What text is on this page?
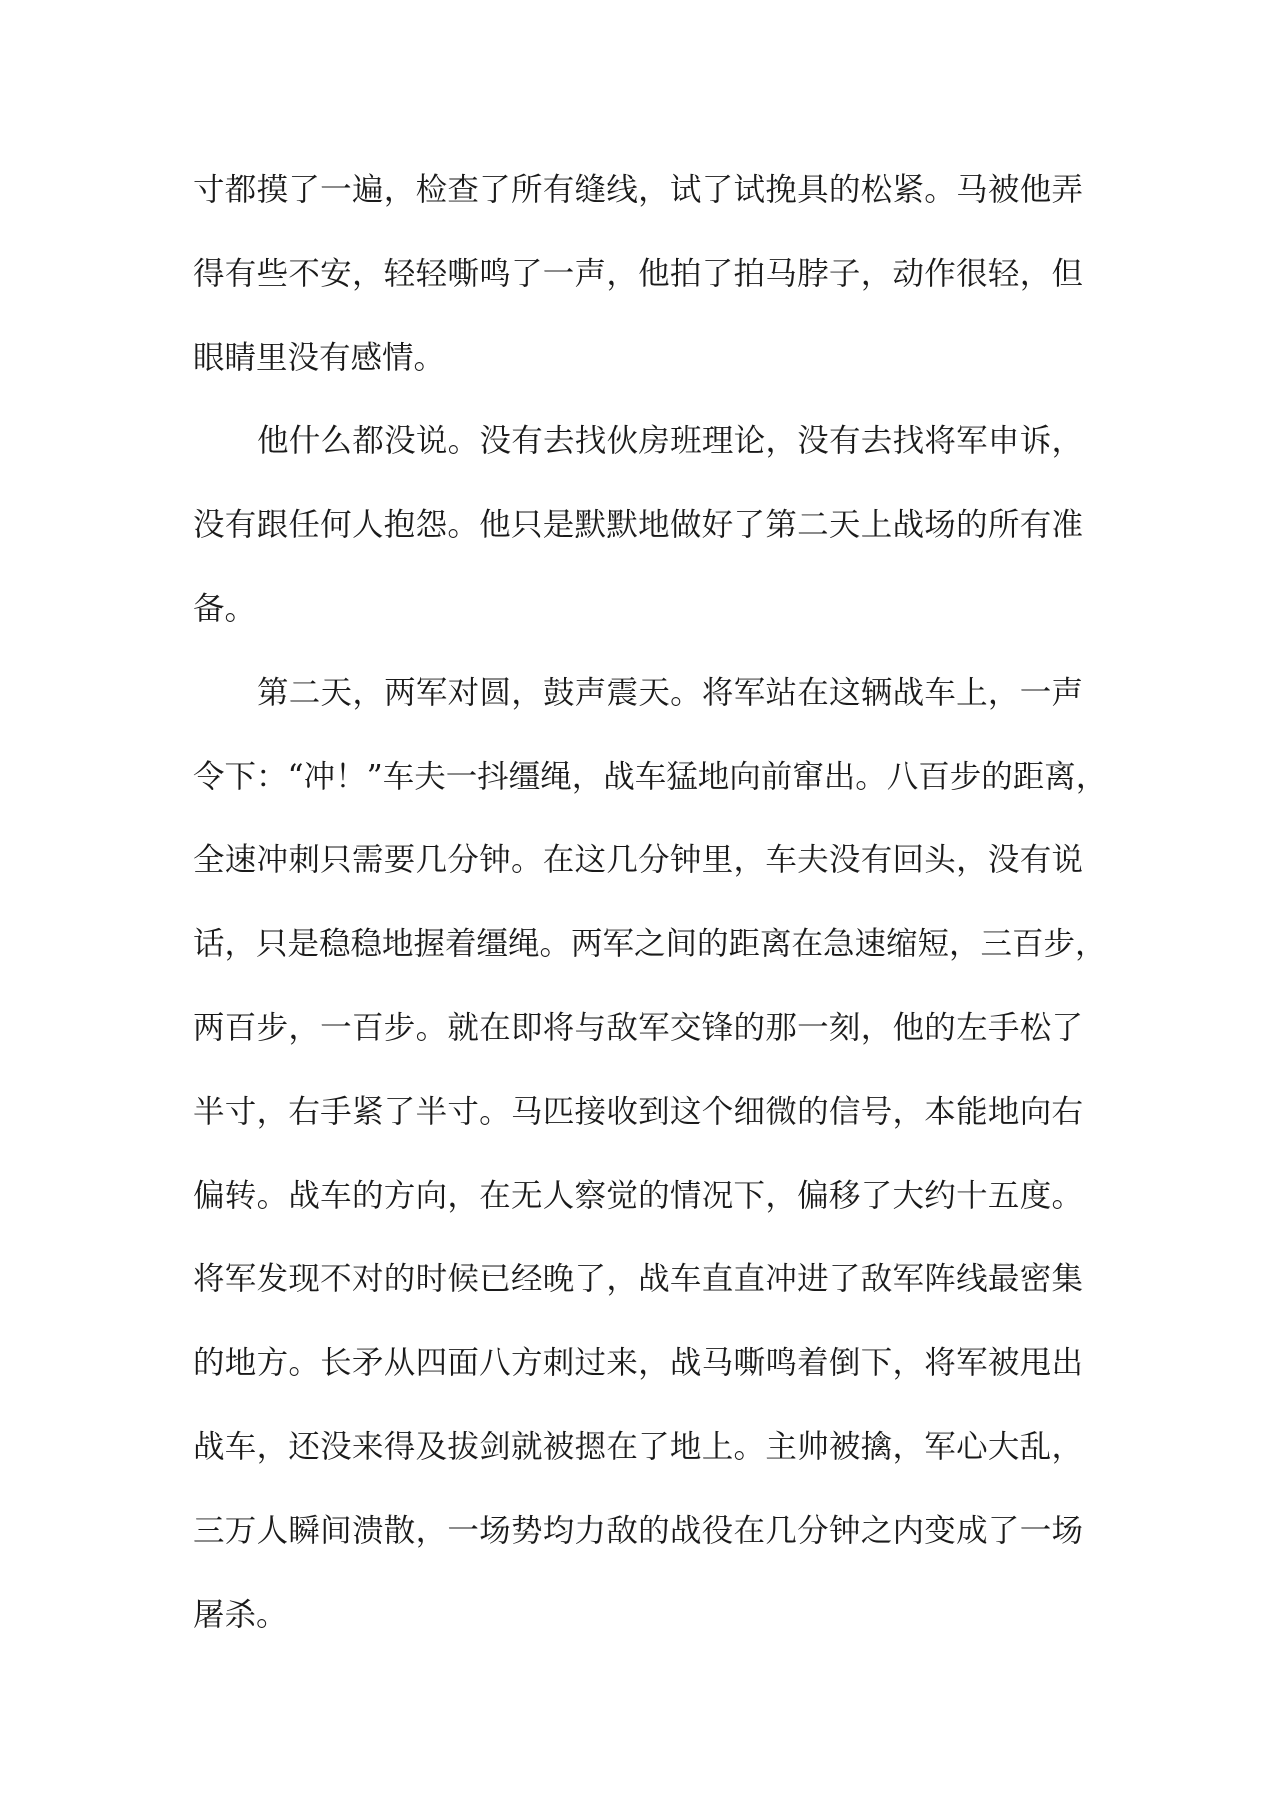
寸都摸了一遍，检查了所有缝线，试了试挽具的松紧。马被他弄
得有些不安，轻轻嘶鸣了一声，他拍了拍马脖子，动作很轻，但
眼睛里没有感情。
他什么都没说。没有去找伙房班理论，没有去找将军申诉，
没有跟任何人抱怨。他只是默默地做好了第二天上战场的所有准
备。
第二天，两军对圆，鼓声震天。将军站在这辆战车上，一声
令下：“冲！”车夫一抖缰绳，战车猛地向前窜出。八百步的距离，
全速冲刺只需要几分钟。在这几分钟里，车夫没有回头，没有说
话，只是稳稳地握着缰绳。两军之间的距离在急速缩短，三百步，
两百步，一百步。就在即将与敌军交锋的那一刻，他的左手松了
半寸，右手紧了半寸。马匹接收到这个细微的信号，本能地向右
偏转。战车的方向，在无人察觉的情况下，偏移了大约十五度。
将军发现不对的时候已经晚了，战车直直冲进了敌军阵线最密集
的地方。长矛从四面八方刺过来，战马嘶鸣着倒下，将军被甩出
战车，还没来得及拔剑就被摁在了地上。主帅被擒，军心大乱，
三万人瞬间溃散，一场势均力敌的战役在几分钟之内变成了一场
屠杀。
